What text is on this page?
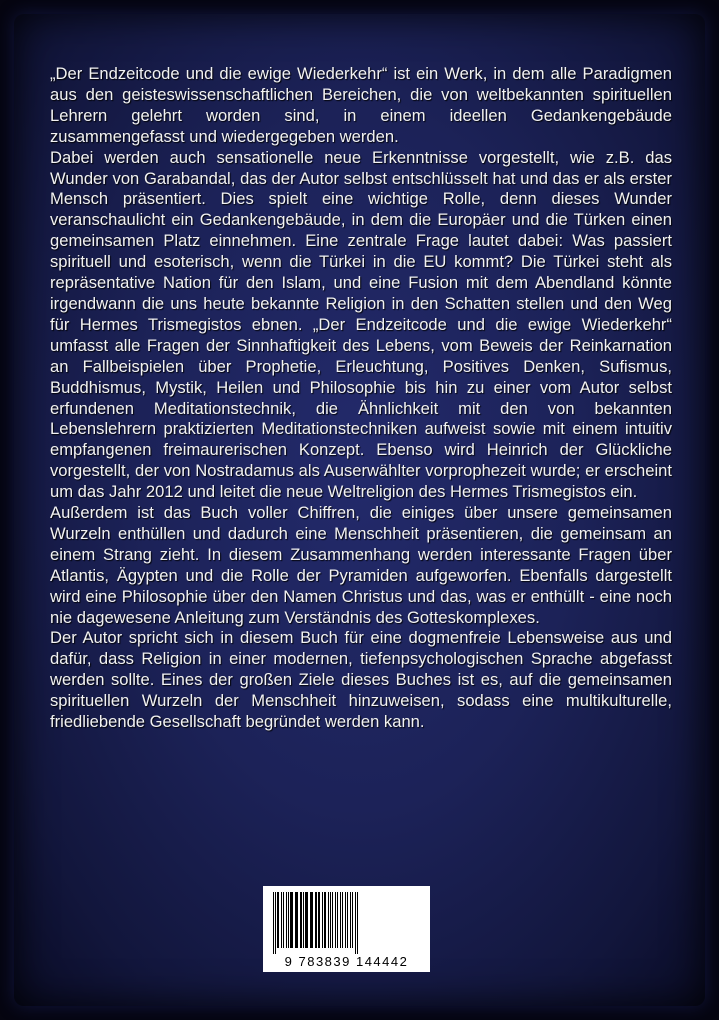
„Der Endzeitcode und die ewige Wiederkehr“ ist ein Werk, in dem alle Paradigmen aus den geisteswissenschaftlichen Bereichen, die von weltbekannten spirituellen Lehrern gelehrt worden sind, in einem ideellen Gedankengebäude zusammengefasst und wiedergegeben werden.

Dabei werden auch sensationelle neue Erkenntnisse vorgestellt, wie z.B. das Wunder von Garabandal, das der Autor selbst entschlüsselt hat und das er als erster Mensch präsentiert. Dies spielt eine wichtige Rolle, denn dieses Wunder veranschaulicht ein Gedankengebäude, in dem die Europäer und die Türken einen gemeinsamen Platz einnehmen. Eine zentrale Frage lautet dabei: Was passiert spirituell und esoterisch, wenn die Türkei in die EU kommt? Die Türkei steht als repräsentative Nation für den Islam, und eine Fusion mit dem Abendland könnte irgendwann die uns heute bekannte Religion in den Schatten stellen und den Weg für Hermes Trismegistos ebnen. „Der Endzeitcode und die ewige Wiederkehr“ umfasst alle Fragen der Sinnhaftigkeit des Lebens, vom Beweis der Reinkarnation an Fallbeispielen über Prophetie, Erleuchtung, Positives Denken, Sufismus, Buddhismus, Mystik, Heilen und Philosophie bis hin zu einer vom Autor selbst erfundenen Meditationstechnik, die Ähnlichkeit mit den von bekannten Lebenslehrern praktizierten Meditationstechniken aufweist sowie mit einem intuitiv empfangenen freimaurerischen Konzept. Ebenso wird Heinrich der Glückliche vorgestellt, der von Nostradamus als Auserwählter vorprophezeit wurde; er erscheint um das Jahr 2012 und leitet die neue Weltreligion des Hermes Trismegistos ein.

Außerdem ist das Buch voller Chiffren, die einiges über unsere gemeinsamen Wurzeln enthüllen und dadurch eine Menschheit präsentieren, die gemeinsam an einem Strang zieht. In diesem Zusammenhang werden interessante Fragen über Atlantis, Ägypten und die Rolle der Pyramiden aufgeworfen. Ebenfalls dargestellt wird eine Philosophie über den Namen Christus und das, was er enthüllt - eine noch nie dagewesene Anleitung zum Verständnis des Gotteskomplexes.

Der Autor spricht sich in diesem Buch für eine dogmenfreie Lebensweise aus und dafür, dass Religion in einer modernen, tiefenpsychologischen Sprache abgefasst werden sollte. Eines der großen Ziele dieses Buches ist es, auf die gemeinsamen spirituellen Wurzeln der Menschheit hinzuweisen, sodass eine multikulturelle, friedliebende Gesellschaft begründet werden kann.

9 783839 144442
